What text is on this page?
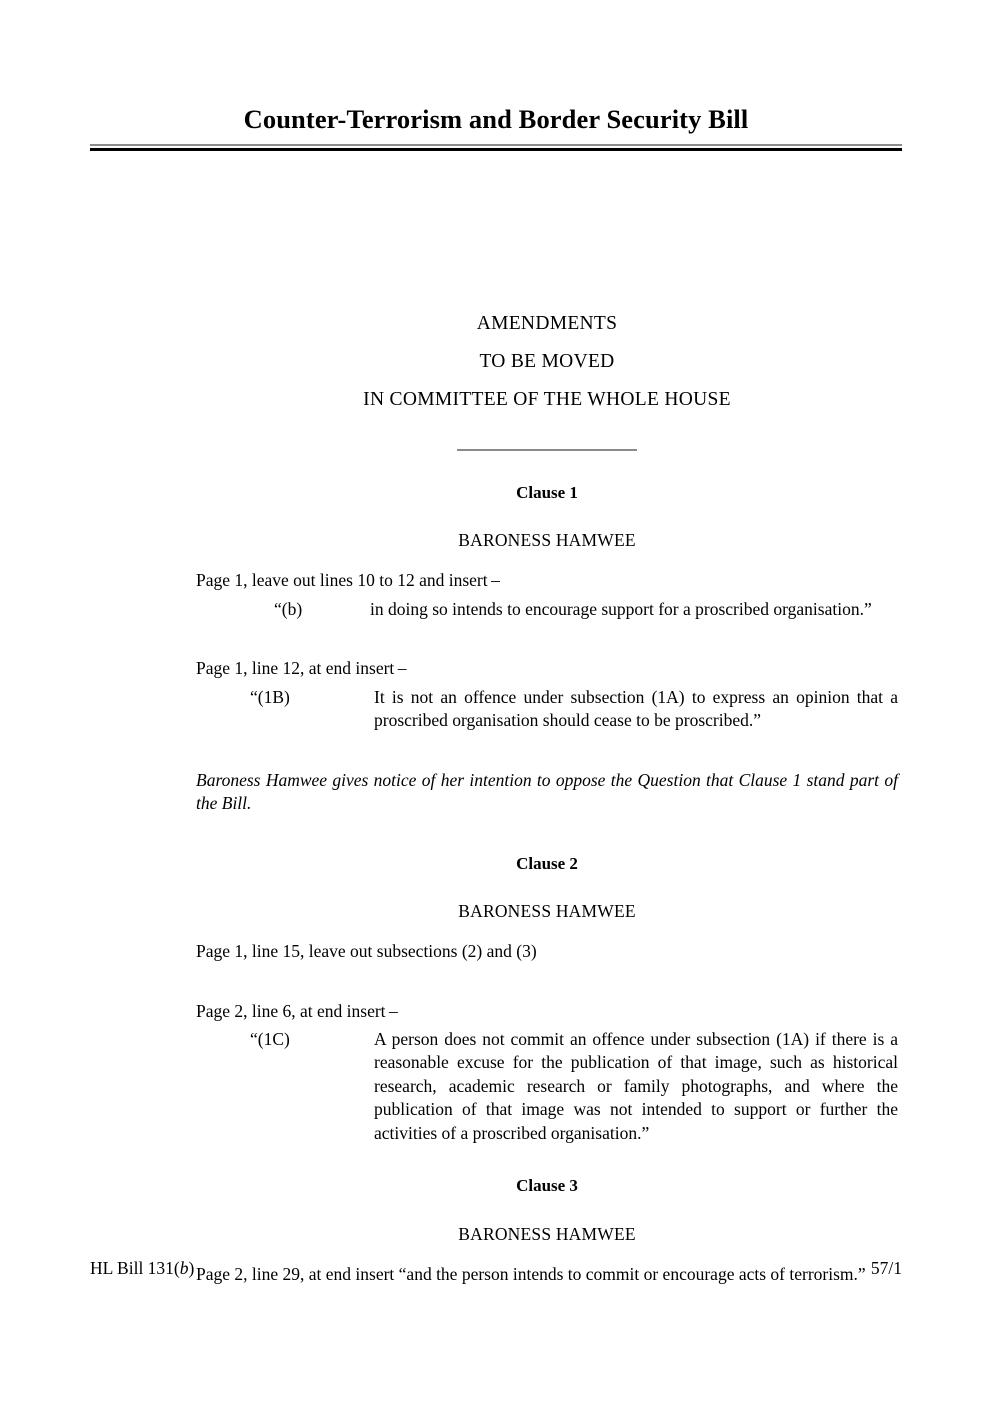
Counter-Terrorism and Border Security Bill
AMENDMENTS
TO BE MOVED
IN COMMITTEE OF THE WHOLE HOUSE
Clause 1
BARONESS HAMWEE
Page 1, leave out lines 10 to 12 and insert –
“(b)	in doing so intends to encourage support for a proscribed organisation.”
Page 1, line 12, at end insert –
“(1B)	It is not an offence under subsection (1A) to express an opinion that a proscribed organisation should cease to be proscribed.”
Baroness Hamwee gives notice of her intention to oppose the Question that Clause 1 stand part of the Bill.
Clause 2
BARONESS HAMWEE
Page 1, line 15, leave out subsections (2) and (3)
Page 2, line 6, at end insert –
“(1C)	A person does not commit an offence under subsection (1A) if there is a reasonable excuse for the publication of that image, such as historical research, academic research or family photographs, and where the publication of that image was not intended to support or further the activities of a proscribed organisation.”
Clause 3
BARONESS HAMWEE
Page 2, line 29, at end insert “and the person intends to commit or encourage acts of terrorism.”
HL Bill 131(b)	57/1
